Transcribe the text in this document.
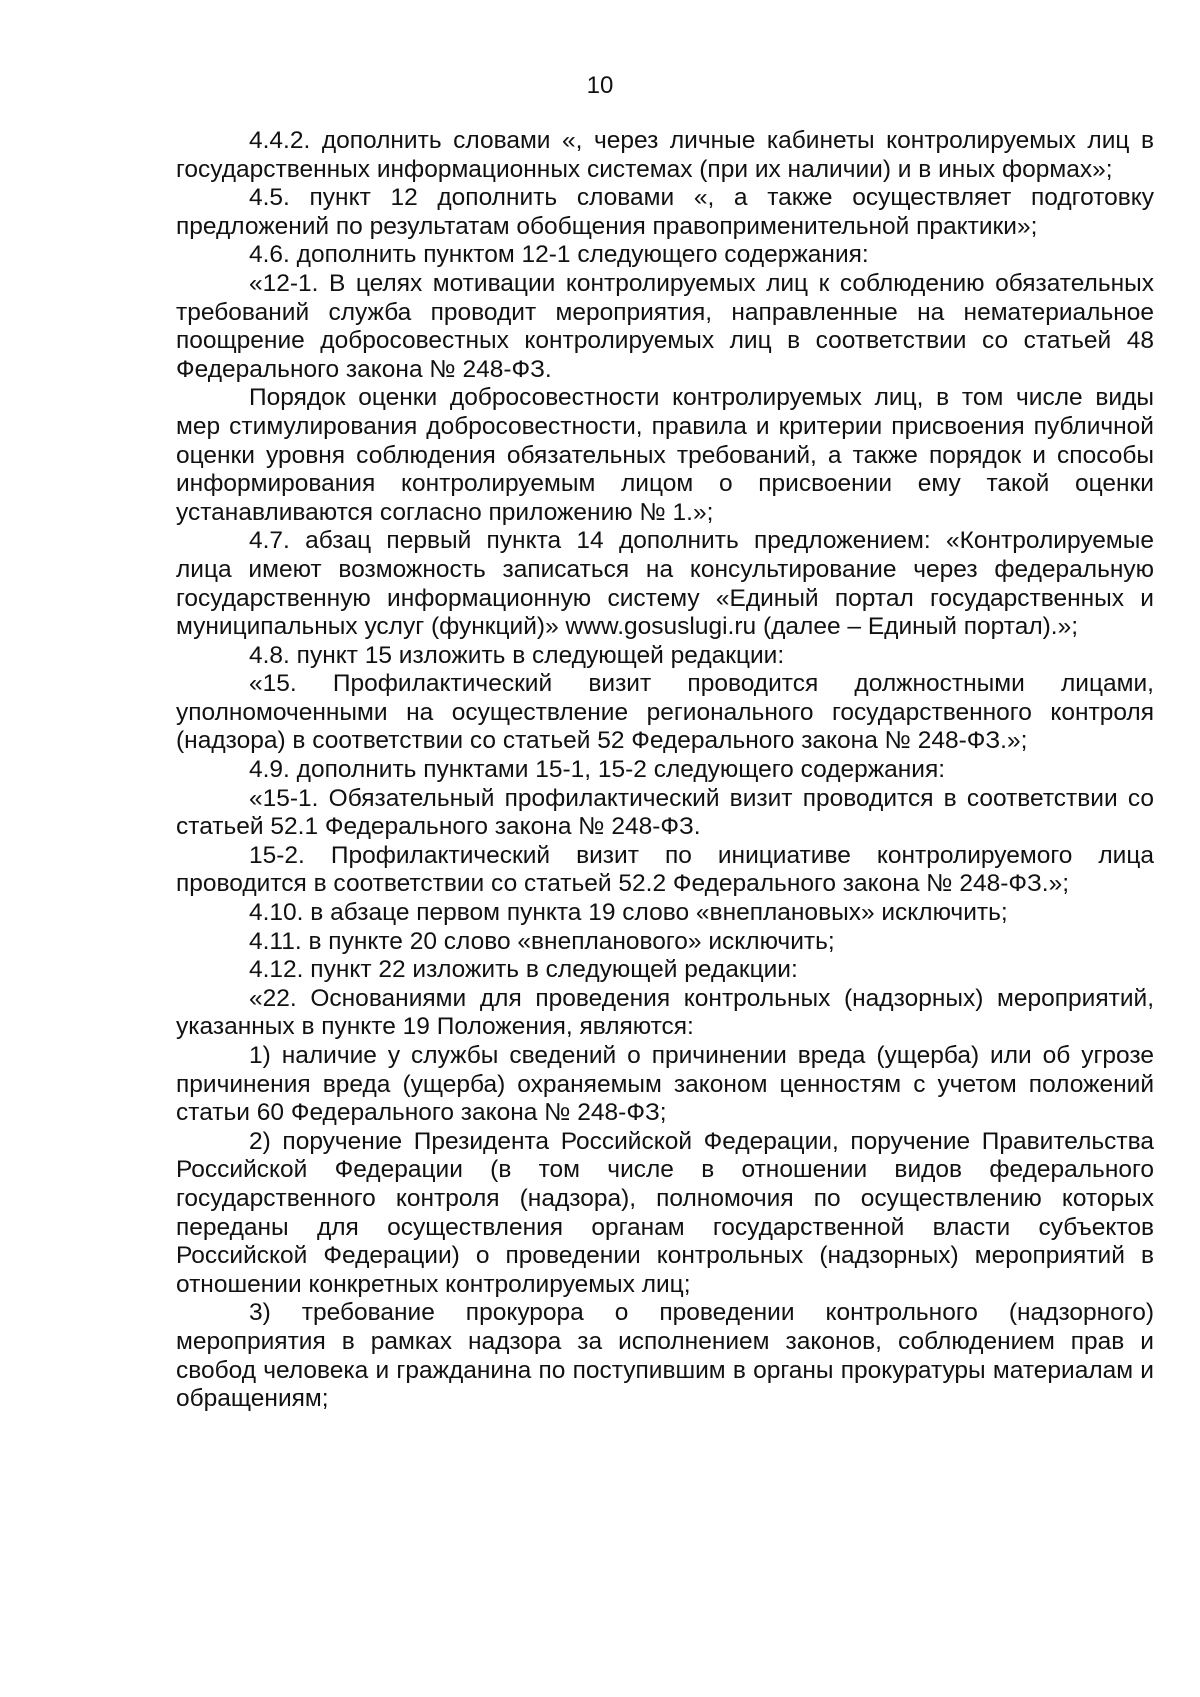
10

4.4.2. дополнить словами «, через личные кабинеты контролируемых лиц в государственных информационных системах (при их наличии) и в иных формах»;

4.5. пункт 12 дополнить словами «, а также осуществляет подготовку предложений по результатам обобщения правоприменительной практики»;

4.6. дополнить пунктом 12-1 следующего содержания:

«12-1. В целях мотивации контролируемых лиц к соблюдению обязательных требований служба проводит мероприятия, направленные на нематериальное поощрение добросовестных контролируемых лиц в соответствии со статьей 48 Федерального закона № 248-ФЗ.

Порядок оценки добросовестности контролируемых лиц, в том числе виды мер стимулирования добросовестности, правила и критерии присвоения публичной оценки уровня соблюдения обязательных требований, а также порядок и способы информирования контролируемым лицом о присвоении ему такой оценки устанавливаются согласно приложению № 1.»;

4.7. абзац первый пункта 14 дополнить предложением: «Контролируемые лица имеют возможность записаться на консультирование через федеральную государственную информационную систему «Единый портал государственных и муниципальных услуг (функций)» www.gosuslugi.ru (далее – Единый портал).»;

4.8. пункт 15 изложить в следующей редакции:

«15. Профилактический визит проводится должностными лицами, уполномоченными на осуществление регионального государственного контроля (надзора) в соответствии со статьей 52 Федерального закона № 248-ФЗ.»;

4.9. дополнить пунктами 15-1, 15-2 следующего содержания:

«15-1. Обязательный профилактический визит проводится в соответствии со статьей 52.1 Федерального закона № 248-ФЗ.

15-2. Профилактический визит по инициативе контролируемого лица проводится в соответствии со статьей 52.2 Федерального закона № 248-ФЗ.»;

4.10. в абзаце первом пункта 19 слово «внеплановых» исключить;

4.11. в пункте 20 слово «внепланового» исключить;

4.12. пункт 22 изложить в следующей редакции:

«22. Основаниями для проведения контрольных (надзорных) мероприятий, указанных в пункте 19 Положения, являются:

1) наличие у службы сведений о причинении вреда (ущерба) или об угрозе причинения вреда (ущерба) охраняемым законом ценностям с учетом положений статьи 60 Федерального закона № 248-ФЗ;

2) поручение Президента Российской Федерации, поручение Правительства Российской Федерации (в том числе в отношении видов федерального государственного контроля (надзора), полномочия по осуществлению которых переданы для осуществления органам государственной власти субъектов Российской Федерации) о проведении контрольных (надзорных) мероприятий в отношении конкретных контролируемых лиц;

3) требование прокурора о проведении контрольного (надзорного) мероприятия в рамках надзора за исполнением законов, соблюдением прав и свобод человека и гражданина по поступившим в органы прокуратуры материалам и обращениям;
